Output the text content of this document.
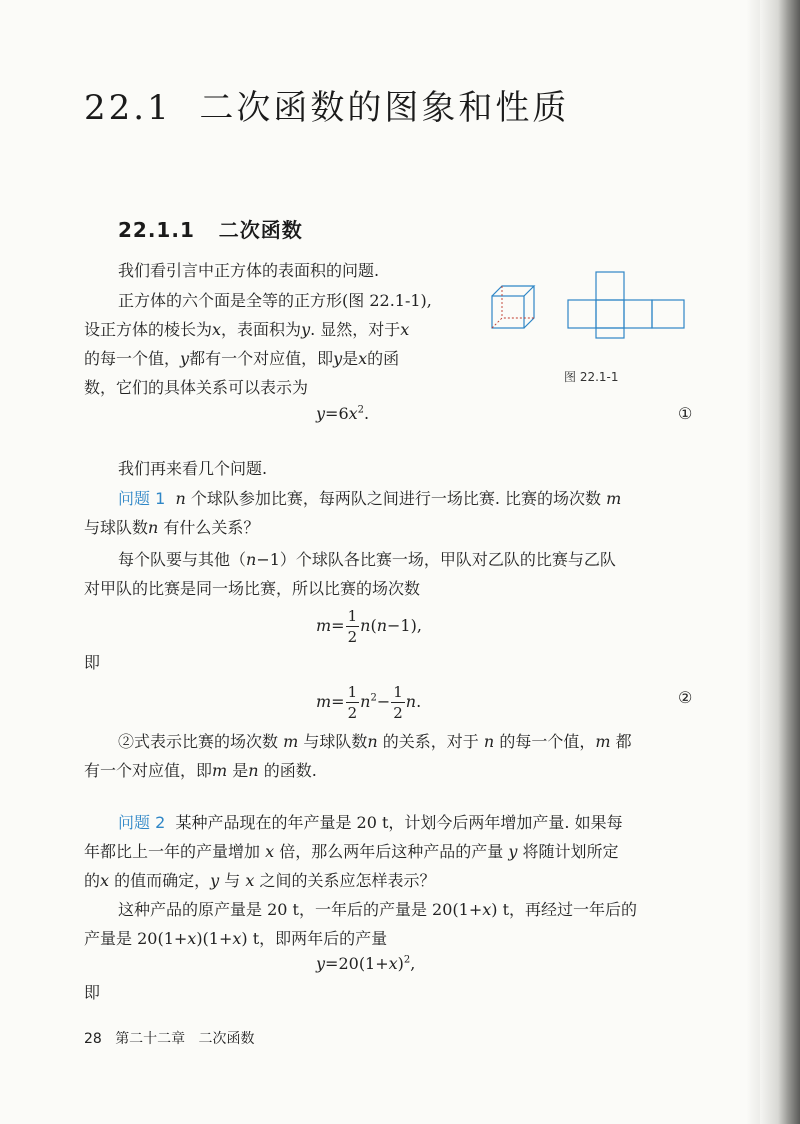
22.1 二次函数的图象和性质
22.1.1 二次函数
我们看引言中正方体的表面积的问题.
正方体的六个面是全等的正方形(图 22.1-1),
设正方体的棱长为x，表面积为y. 显然，对于x
的每一个值，y都有一个对应值，即y是x的函
数，它们的具体关系可以表示为
图 22.1-1
$y=6x^2$.	①
我们再来看几个问题.
问题 1 n 个球队参加比赛，每两队之间进行一场比赛. 比赛的场次数 m
与球队数n 有什么关系？
每个队要与其他（n−1）个球队各比赛一场，甲队对乙队的比赛与乙队
对甲队的比赛是同一场比赛，所以比赛的场次数
$m= \frac{1}{2} n(n-1)$,
即
$m= \frac{1}{2} n^2- \frac{1}{2} n$.	②
②式表示比赛的场次数 m 与球队数n 的关系，对于 n 的每一个值，m 都
有一个对应值，即m 是n 的函数.
问题 2 某种产品现在的年产量是 20 t，计划今后两年增加产量. 如果每
年都比上一年的产量增加 x 倍，那么两年后这种产品的产量 y 将随计划所定
的x 的值而确定，y 与 x 之间的关系应怎样表示？
这种产品的原产量是 20 t，一年后的产量是 20(1+x) t，再经过一年后的
产量是 20(1+x)(1+x) t，即两年后的产量
$y=20(1+x)^2$,
即
28 第二十二章 二次函数
